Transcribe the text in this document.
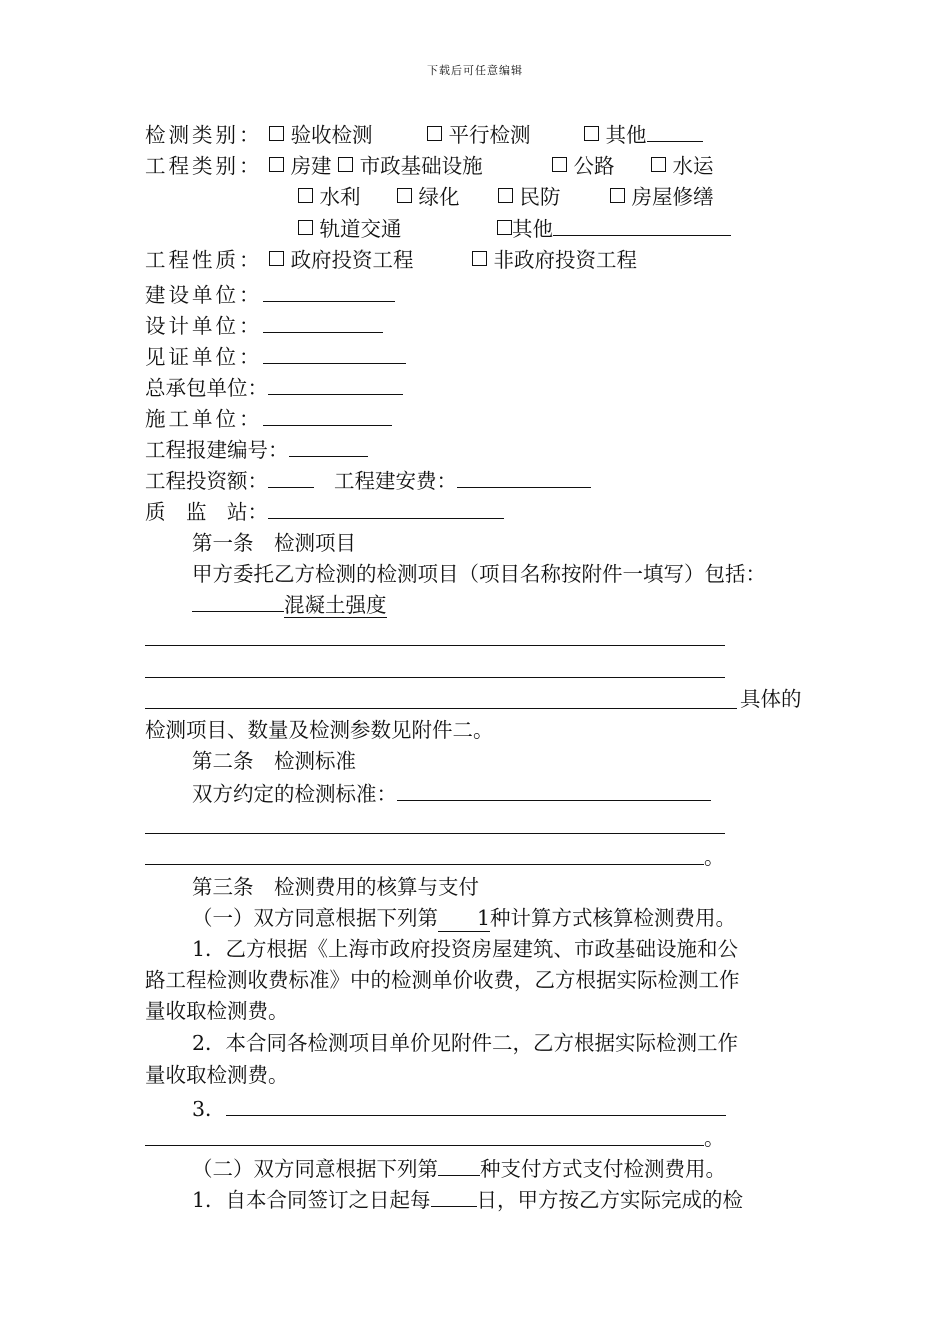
下载后可任意编辑
检测类别： 验收检测	平行检测	其他
工程类别： 房建 市政基础设施	公路	水运
水利	绿化	民防	房屋修缮
轨道交通	其他
工程性质： 政府投资工程	非政府投资工程
建设单位：
设计单位：
见证单位：
总承包单位：
施工单位：
工程报建编号：
工程投资额：	工程建安费：
质　监　站：
第一条　检测项目
甲方委托乙方检测的检测项目（项目名称按附件一填写）包括：
混凝土强度
具体的
检测项目、数量及检测参数见附件二。
第二条　检测标准
双方约定的检测标准：
。
第三条　检测费用的核算与支付
（一）双方同意根据下列第 1种计算方式核算检测费用。
1．乙方根据《上海市政府投资房屋建筑、市政基础设施和公
路工程检测收费标准》中的检测单价收费，乙方根据实际检测工作
量收取检测费。
2．本合同各检测项目单价见附件二，乙方根据实际检测工作
量收取检测费。
3．
。
（二）双方同意根据下列第 种支付方式支付检测费用。
1．自本合同签订之日起每 日，甲方按乙方实际完成的检
